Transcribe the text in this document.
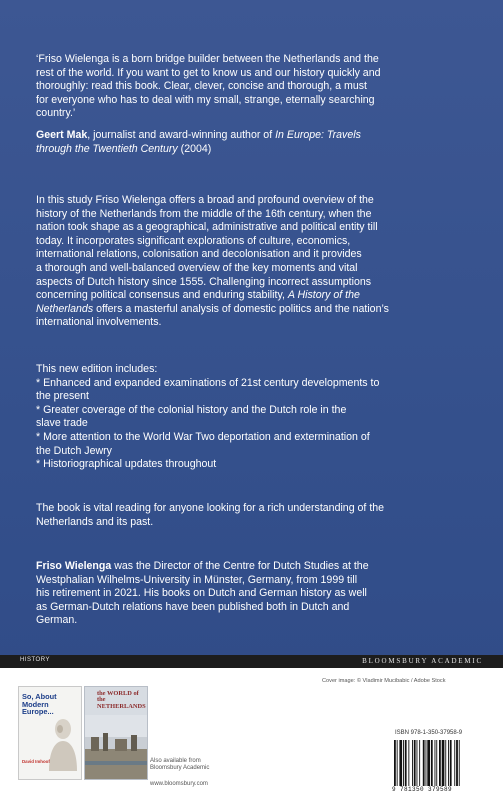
‘Friso Wielenga is a born bridge builder between the Netherlands and the
rest of the world. If you want to get to know us and our history quickly and
thoroughly: read this book. Clear, clever, concise and thorough, a must
for everyone who has to deal with my small, strange, eternally searching
country.’
Geert Mak, journalist and award-winning author of In Europe: Travels
through the Twentieth Century (2004)
In this study Friso Wielenga offers a broad and profound overview of the
history of the Netherlands from the middle of the 16th century, when the
nation took shape as a geographical, administrative and political entity till
today. It incorporates significant explorations of culture, economics,
international relations, colonisation and decolonisation and it provides
a thorough and well-balanced overview of the key moments and vital
aspects of Dutch history since 1555. Challenging incorrect assumptions
concerning political consensus and enduring stability, A History of the
Netherlands offers a masterful analysis of domestic politics and the nation’s
international involvements.
This new edition includes:
* Enhanced and expanded examinations of 21st century developments to
the present
* Greater coverage of the colonial history and the Dutch role in the
slave trade
* More attention to the World War Two deportation and extermination of
the Dutch Jewry
* Historiographical updates throughout
The book is vital reading for anyone looking for a rich understanding of the
Netherlands and its past.
Friso Wielenga was the Director of the Centre for Dutch Studies at the
Westphalian Wilhelms-University in Münster, Germany, from 1999 till
his retirement in 2021. His books on Dutch and German history as well
as German-Dutch relations have been published both in Dutch and
German.
HISTORY	BLOOMSBURY ACADEMIC
Cover image: © Vladimir Mucibabic / Adobe Stock
So, About Modern Europe...
David Imhoof
the WORLD of the NETHERLANDS
Also available from
Bloomsbury Academic
www.bloomsbury.com
ISBN 978-1-350-37958-9
9 781350 379589
